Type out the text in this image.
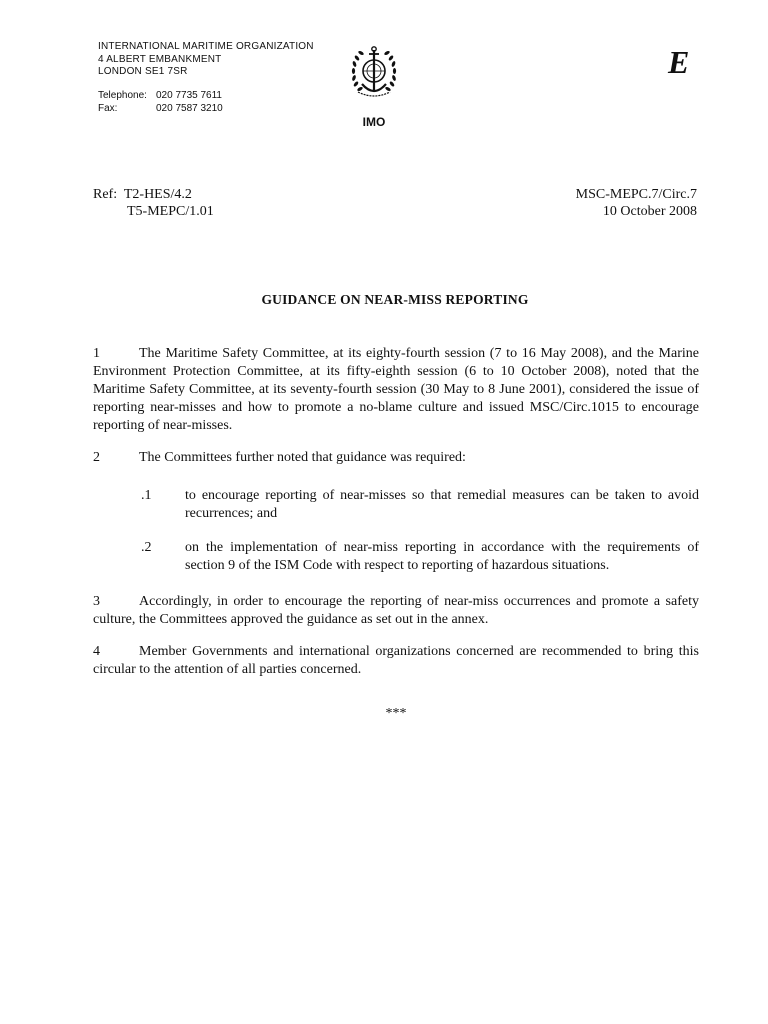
INTERNATIONAL MARITIME ORGANIZATION
4 ALBERT EMBANKMENT
LONDON SE1 7SR
Telephone: 020 7735 7611
Fax:	020 7587 3210
IMO
E
Ref: T2-HES/4.2
T5-MEPC/1.01
MSC-MEPC.7/Circ.7
10 October 2008
GUIDANCE ON NEAR-MISS REPORTING

1	The Maritime Safety Committee, at its eighty-fourth session (7 to 16 May 2008), and the Marine Environment Protection Committee, at its fifty-eighth session (6 to 10 October 2008), noted that the Maritime Safety Committee, at its seventy-fourth session (30 May to 8 June 2001), considered the issue of reporting near-misses and how to promote a no-blame culture and issued MSC/Circ.1015 to encourage reporting of near-misses.

2	The Committees further noted that guidance was required:

.1	to encourage reporting of near-misses so that remedial measures can be taken to avoid recurrences; and
.2	on the implementation of near-miss reporting in accordance with the requirements of section 9 of the ISM Code with respect to reporting of hazardous situations.

3	Accordingly, in order to encourage the reporting of near-miss occurrences and promote a safety culture, the Committees approved the guidance as set out in the annex.

4	Member Governments and international organizations concerned are recommended to bring this circular to the attention of all parties concerned.

***
